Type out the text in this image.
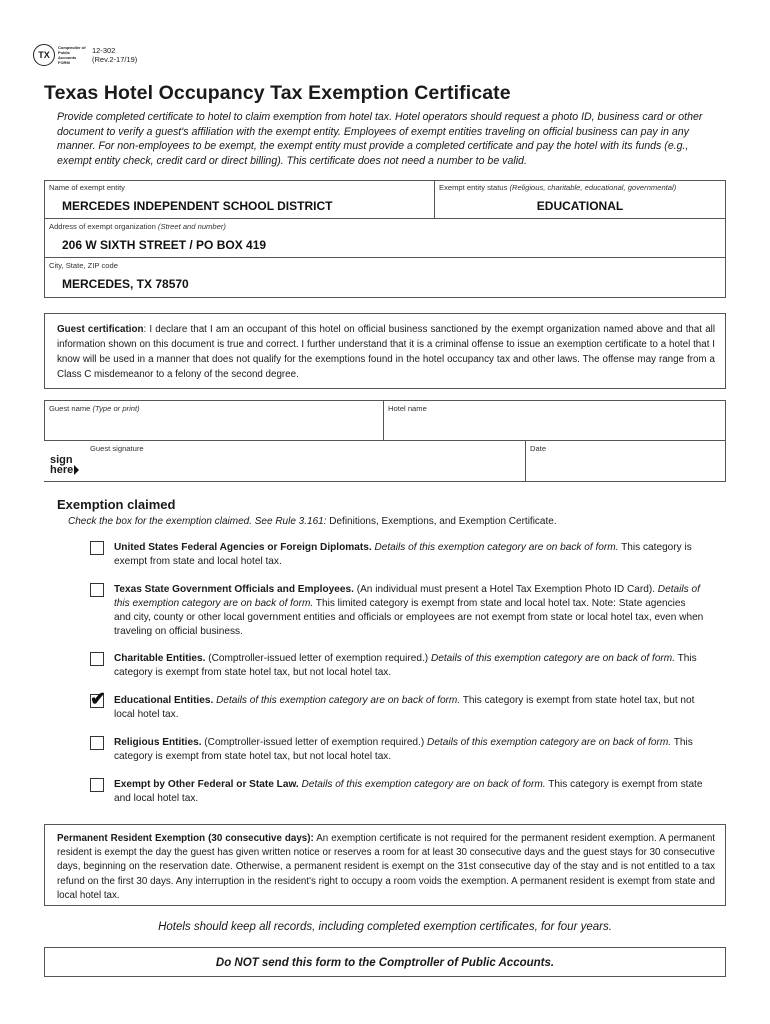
TX
Comptroller of Public Accounts FORM
12-302
(Rev.2-17/19)
Texas Hotel Occupancy Tax Exemption Certificate

Provide completed certificate to hotel to claim exemption from hotel tax. Hotel operators should request a photo ID, business card or other document to verify a guest's affiliation with the exempt entity. Employees of exempt entities traveling on official business can pay in any manner. For non-employees to be exempt, the exempt entity must provide a completed certificate and pay the hotel with its funds (e.g., exempt entity check, credit card or direct billing). This certificate does not need a number to be valid.

Name of exempt entity
MERCEDES INDEPENDENT SCHOOL DISTRICT
Exempt entity status (Religious, charitable, educational, governmental)
EDUCATIONAL
Address of exempt organization (Street and number)
206 W SIXTH STREET / PO BOX 419
City, State, ZIP code
MERCEDES, TX 78570
Guest certification: I declare that I am an occupant of this hotel on official business sanctioned by the exempt organization named above and that all information shown on this document is true and correct. I further understand that it is a criminal offense to issue an exemption certificate to a hotel that I know will be used in a manner that does not qualify for the exemptions found in the hotel occupancy tax and other laws. The offense may range from a Class C misdemeanor to a felony of the second degree.
Guest name (Type or print)	Hotel name
Guest signature	Date
sign
here
Exemption claimed
Check the box for the exemption claimed. See Rule 3.161: Definitions, Exemptions, and Exemption Certificate.
United States Federal Agencies or Foreign Diplomats. Details of this exemption category are on back of form. This category is exempt from state and local hotel tax.
Texas State Government Officials and Employees. (An individual must present a Hotel Tax Exemption Photo ID Card). Details of this exemption category are on back of form. This limited category is exempt from state and local hotel tax. Note: State agencies and city, county or other local government entities and officials or employees are not exempt from state or local hotel tax, even when traveling on official business.
Charitable Entities. (Comptroller-issued letter of exemption required.) Details of this exemption category are on back of form. This category is exempt from state hotel tax, but not local hotel tax.
✔ Educational Entities. Details of this exemption category are on back of form. This category is exempt from state hotel tax, but not local hotel tax.
Religious Entities. (Comptroller-issued letter of exemption required.) Details of this exemption category are on back of form. This category is exempt from state hotel tax, but not local hotel tax.
Exempt by Other Federal or State Law. Details of this exemption category are on back of form. This category is exempt from state and local hotel tax.
Permanent Resident Exemption (30 consecutive days): An exemption certificate is not required for the permanent resident exemption. A permanent resident is exempt the day the guest has given written notice or reserves a room for at least 30 consecutive days and the guest stays for 30 consecutive days, beginning on the reservation date. Otherwise, a permanent resident is exempt on the 31st consecutive day of the stay and is not entitled to a tax refund on the first 30 days. Any interruption in the resident's right to occupy a room voids the exemption. A permanent resident is exempt from state and local hotel tax.
Hotels should keep all records, including completed exemption certificates, for four years.
Do NOT send this form to the Comptroller of Public Accounts.
